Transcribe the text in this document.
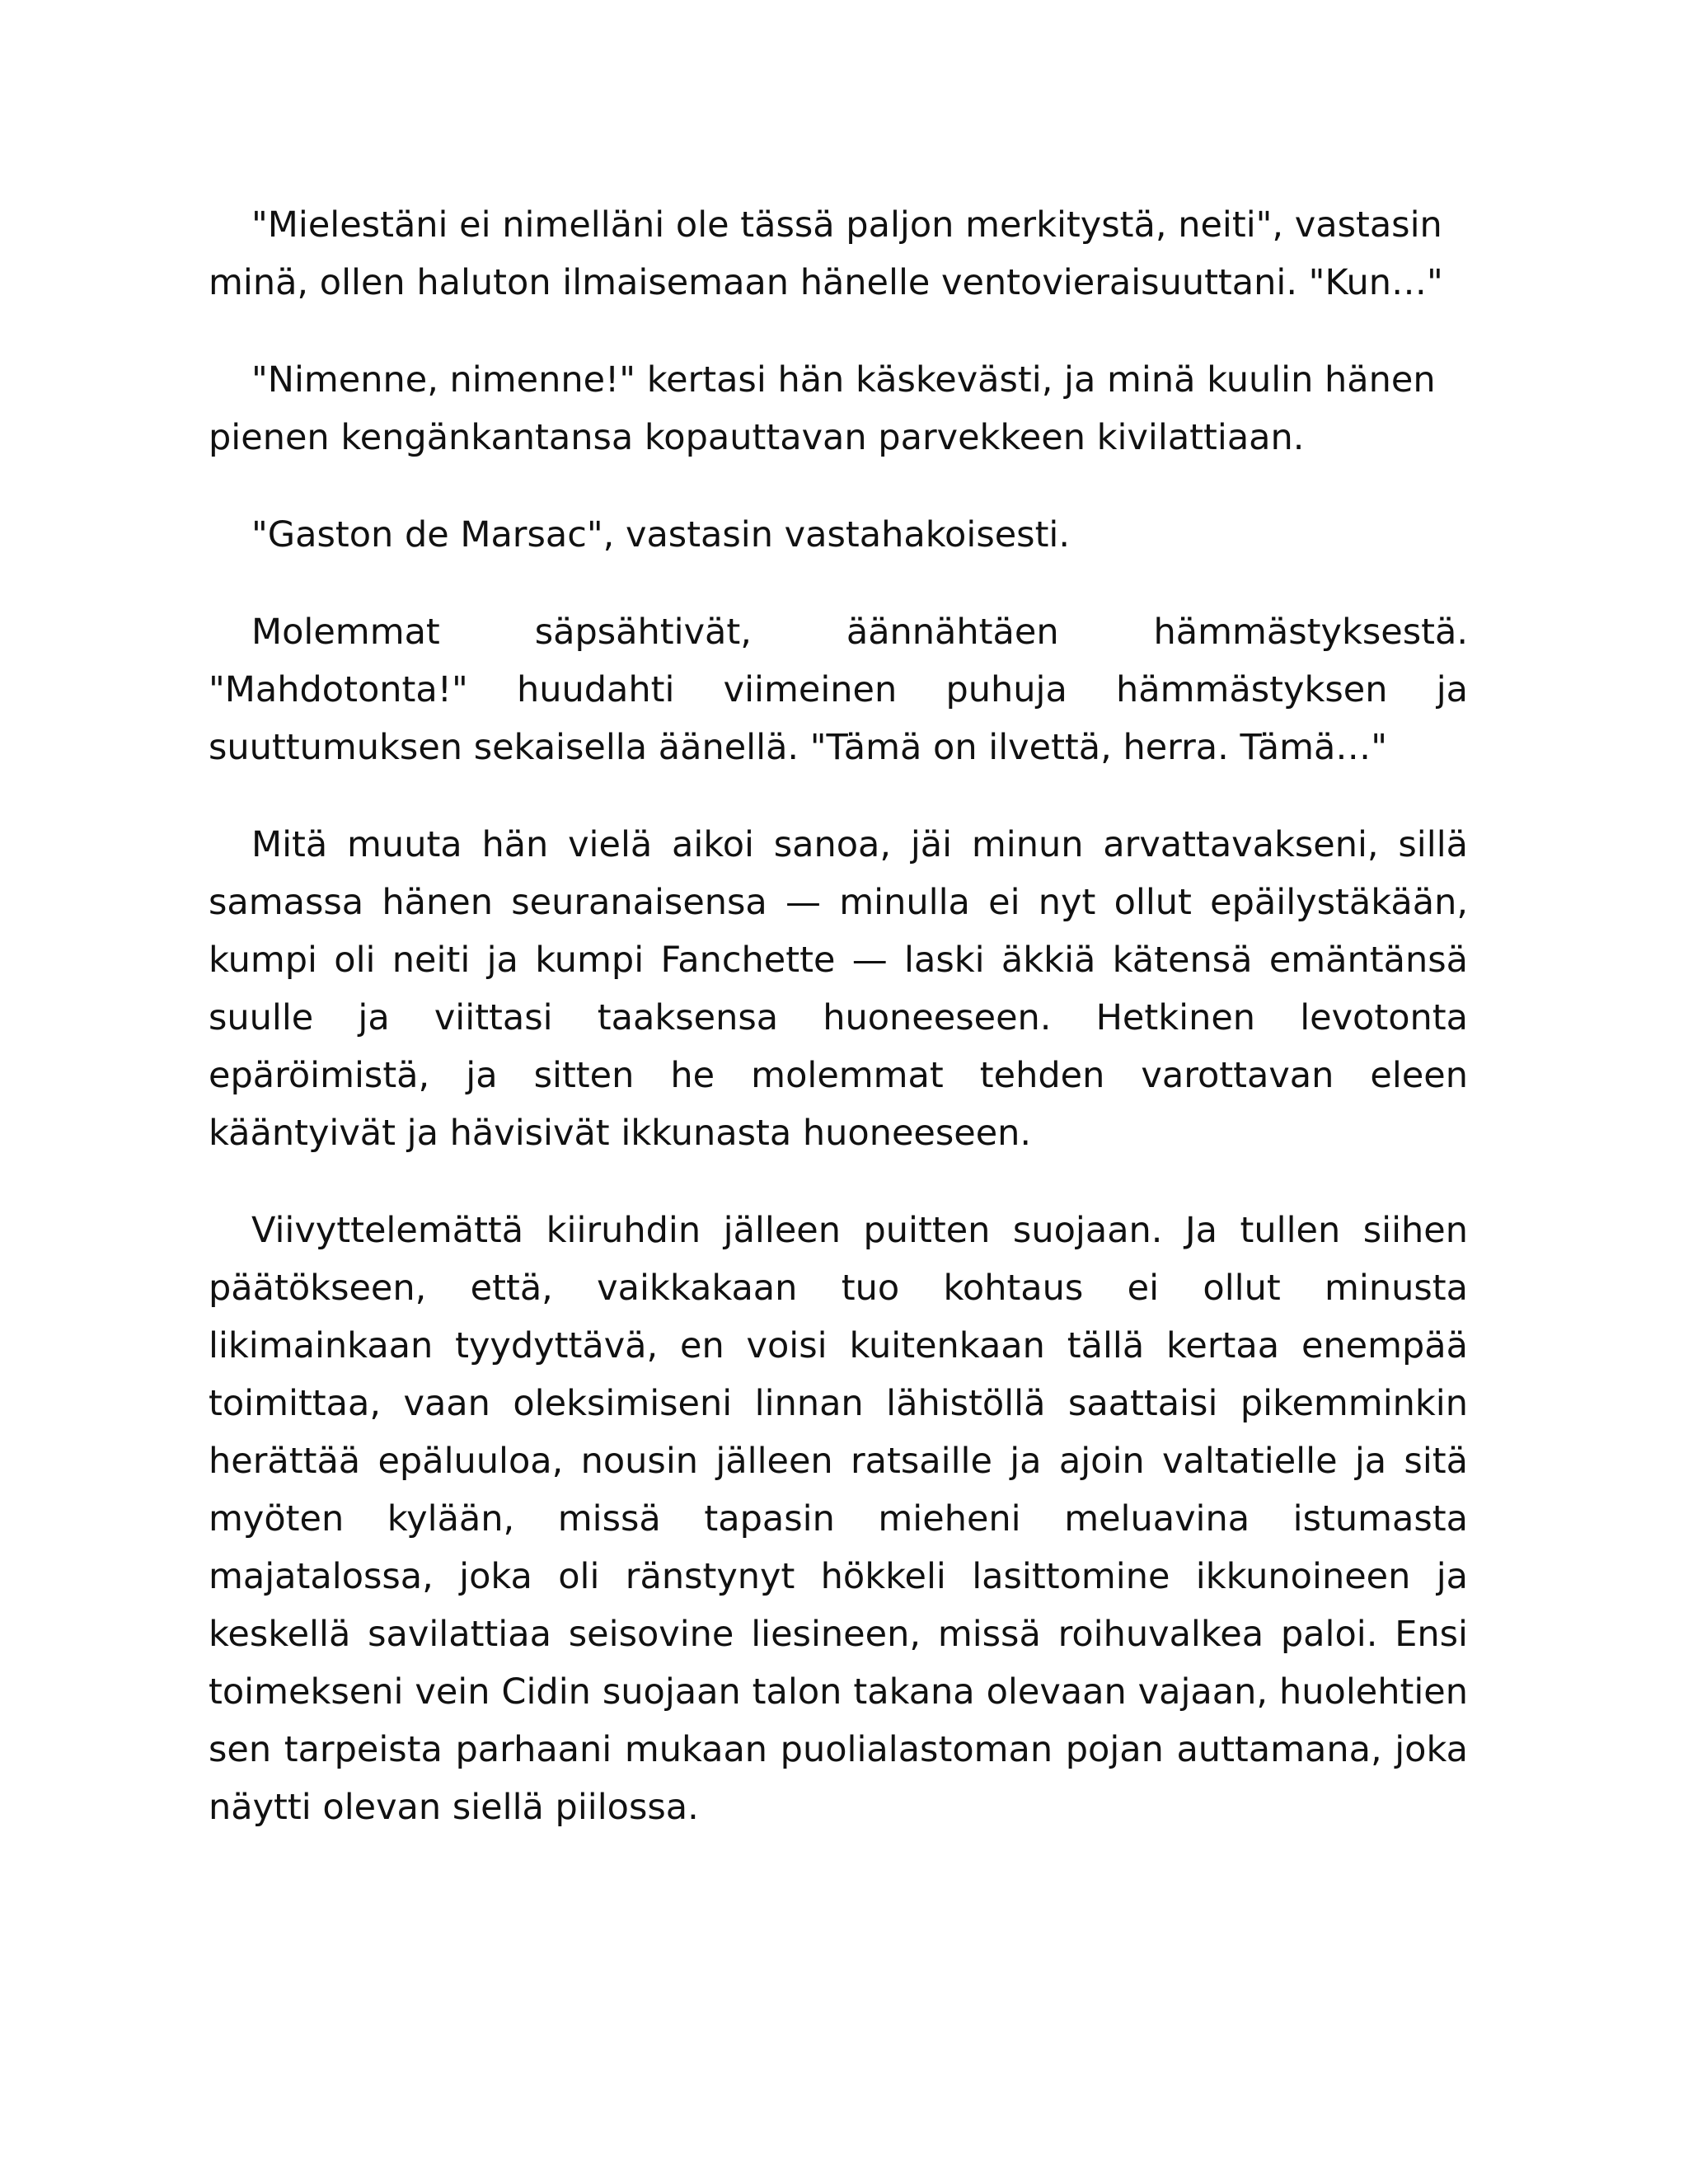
"Mielestäni ei nimelläni ole tässä paljon merkitystä, neiti", vastasin minä, ollen haluton ilmaisemaan hänelle ventovieraisuuttani. "Kun…"

"Nimenne, nimenne!" kertasi hän käskevästi, ja minä kuulin hänen pienen kengänkantansa kopauttavan parvekkeen kivilattiaan.

"Gaston de Marsac", vastasin vastahakoisesti.

Molemmat säpsähtivät, äännähtäen hämmästyksestä. "Mahdotonta!" huudahti viimeinen puhuja hämmästyksen ja suuttumuksen sekaisella äänellä. "Tämä on ilvettä, herra. Tämä…"

Mitä muuta hän vielä aikoi sanoa, jäi minun arvattavakseni, sillä samassa hänen seuranaisensa — minulla ei nyt ollut epäilystäkään, kumpi oli neiti ja kumpi Fanchette — laski äkkiä kätensä emäntänsä suulle ja viittasi taaksensa huoneeseen. Hetkinen levotonta epäröimistä, ja sitten he molemmat tehden varottavan eleen kääntyivät ja hävisivät ikkunasta huoneeseen.

Viivyttelemättä kiiruhdin jälleen puitten suojaan. Ja tullen siihen päätökseen, että, vaikkakaan tuo kohtaus ei ollut minusta likimainkaan tyydyttävä, en voisi kuitenkaan tällä kertaa enempää toimittaa, vaan oleksimiseni linnan lähistöllä saattaisi pikemminkin herättää epäluuloa, nousin jälleen ratsaille ja ajoin valtatielle ja sitä myöten kylään, missä tapasin mieheni meluavina istumasta majatalossa, joka oli ränstynyt hökkeli lasittomine ikkunoineen ja keskellä savilattiaa seisovine liesineen, missä roihuvalkea paloi. Ensi toimekseni vein Cidin suojaan talon takana olevaan vajaan, huolehtien sen tarpeista parhaani mukaan puolialastoman pojan auttamana, joka näytti olevan siellä piilossa.
